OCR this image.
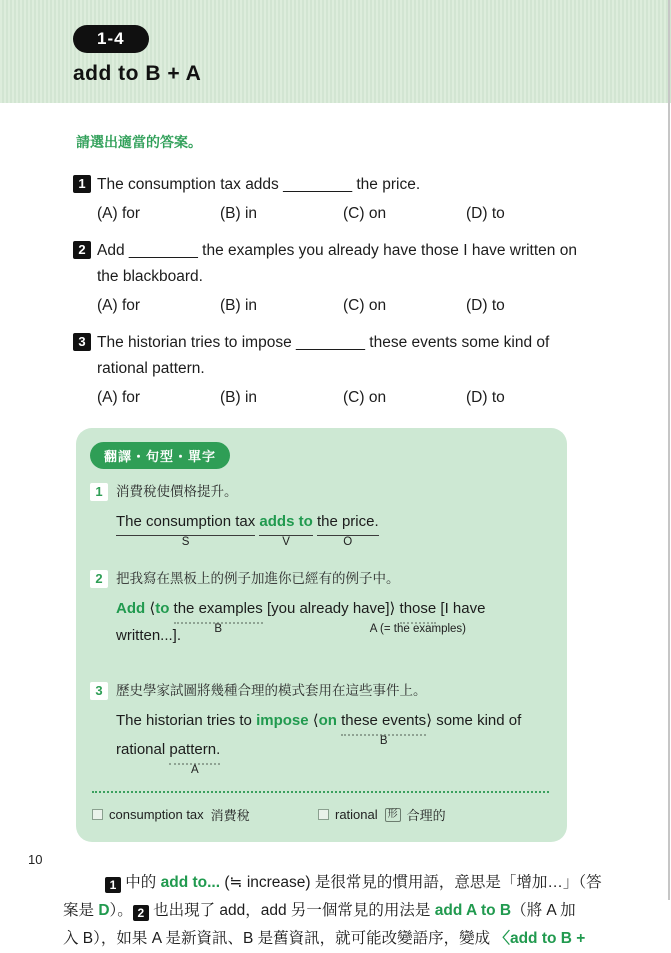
1-4
add to B + A
請選出適當的答案。
1 The consumption tax adds ________ the price.
(A) for	(B) in	(C) on	(D) to
2 Add ________ the examples you already have those I have written on
the blackboard.
(A) for	(B) in	(C) on	(D) to
3 The historian tries to impose ________ these events some kind of
rational pattern.
(A) for	(B) in	(C) on	(D) to
翻譯・句型・單字
1 消費稅使價格提升。
The consumption tax
S
adds to
V
the price.
O
2 把我寫在黑板上的例子加進你已經有的例子中。
Add ⟨to the examples
B
[you already have]⟩ those
A (= the examples)
[I have written...].
3 歷史學家試圖將幾種合理的模式套用在這些事件上。
The historian tries to impose ⟨on these events
B
⟩ some kind of
rational pattern.
A
consumption tax 消費稅	rational	形 合理的
1 中的 add to... (≒ increase) 是很常見的慣用語，意思是「增加…」（答
案是 D）。 2 也出現了 add，add 另一個常見的用法是 add A to B（將 A 加
入 B），如果 A 是新資訊、B 是舊資訊，就可能改變語序，變成 〈add to B +
10
